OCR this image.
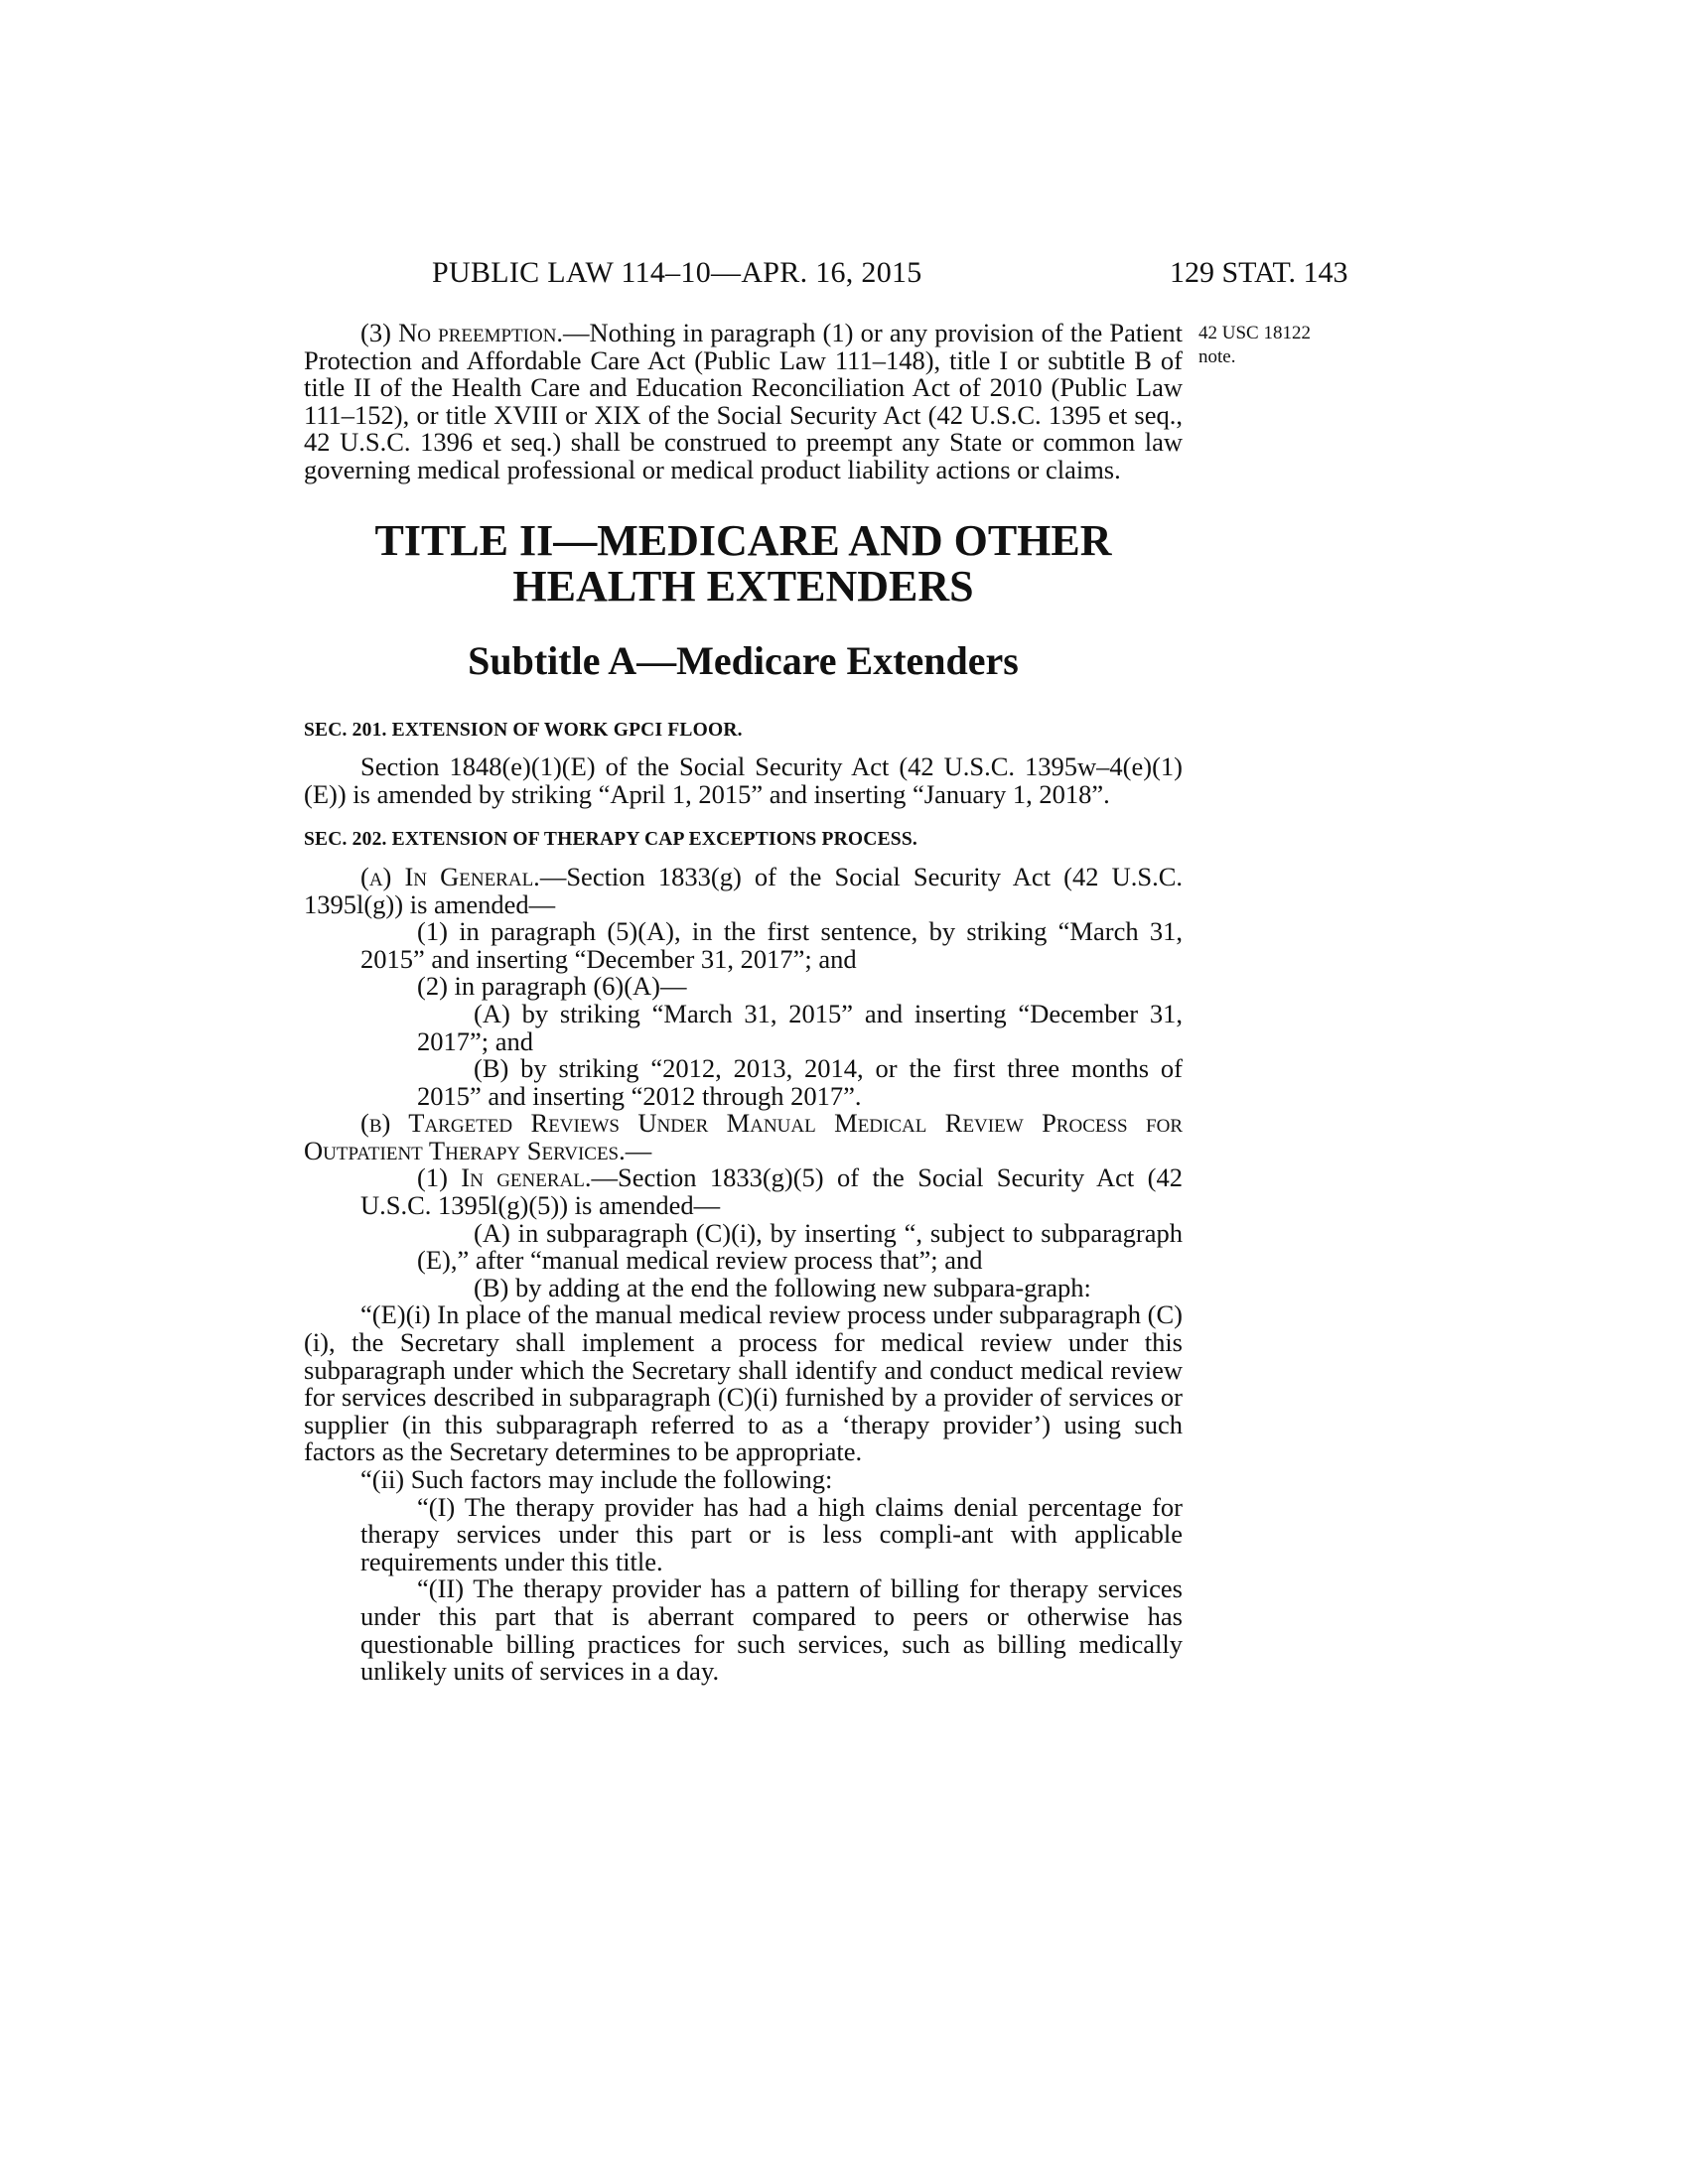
PUBLIC LAW 114–10—APR. 16, 2015	129 STAT. 143
42 USC 18122
note.

(3) No preemption.—Nothing in paragraph (1) or any provision of the Patient Protection and Affordable Care Act (Public Law 111–148), title I or subtitle B of title II of the Health Care and Education Reconciliation Act of 2010 (Public Law 111–152), or title XVIII or XIX of the Social Security Act (42 U.S.C. 1395 et seq., 42 U.S.C. 1396 et seq.) shall be construed to preempt any State or common law governing medical professional or medical product liability actions or claims.

TITLE II—MEDICARE AND OTHER
HEALTH EXTENDERS
Subtitle A—Medicare Extenders
SEC. 201. EXTENSION OF WORK GPCI FLOOR.

Section 1848(e)(1)(E) of the Social Security Act (42 U.S.C. 1395w–4(e)(1)(E)) is amended by striking “April 1, 2015” and inserting “January 1, 2018”.

SEC. 202. EXTENSION OF THERAPY CAP EXCEPTIONS PROCESS.

(a) In General.—Section 1833(g) of the Social Security Act (42 U.S.C. 1395l(g)) is amended—

(1) in paragraph (5)(A), in the first sentence, by striking “March 31, 2015” and inserting “December 31, 2017”; and

(2) in paragraph (6)(A)—

(A) by striking “March 31, 2015” and inserting “December 31, 2017”; and

(B) by striking “2012, 2013, 2014, or the first three months of 2015” and inserting “2012 through 2017”.

(b) Targeted Reviews Under Manual Medical Review Process for Outpatient Therapy Services.—

(1) In general.—Section 1833(g)(5) of the Social Security Act (42 U.S.C. 1395l(g)(5)) is amended—

(A) in subparagraph (C)(i), by inserting “, subject to subparagraph (E),” after “manual medical review process that”; and

(B) by adding at the end the following new subpara-graph:

“(E)(i) In place of the manual medical review process under subparagraph (C)(i), the Secretary shall implement a process for medical review under this subparagraph under which the Secretary shall identify and conduct medical review for services described in subparagraph (C)(i) furnished by a provider of services or supplier (in this subparagraph referred to as a ‘therapy provider’) using such factors as the Secretary determines to be appropriate.

“(ii) Such factors may include the following:

“(I) The therapy provider has had a high claims denial percentage for therapy services under this part or is less compli-ant with applicable requirements under this title.

“(II) The therapy provider has a pattern of billing for therapy services under this part that is aberrant compared to peers or otherwise has questionable billing practices for such services, such as billing medically unlikely units of services in a day.
